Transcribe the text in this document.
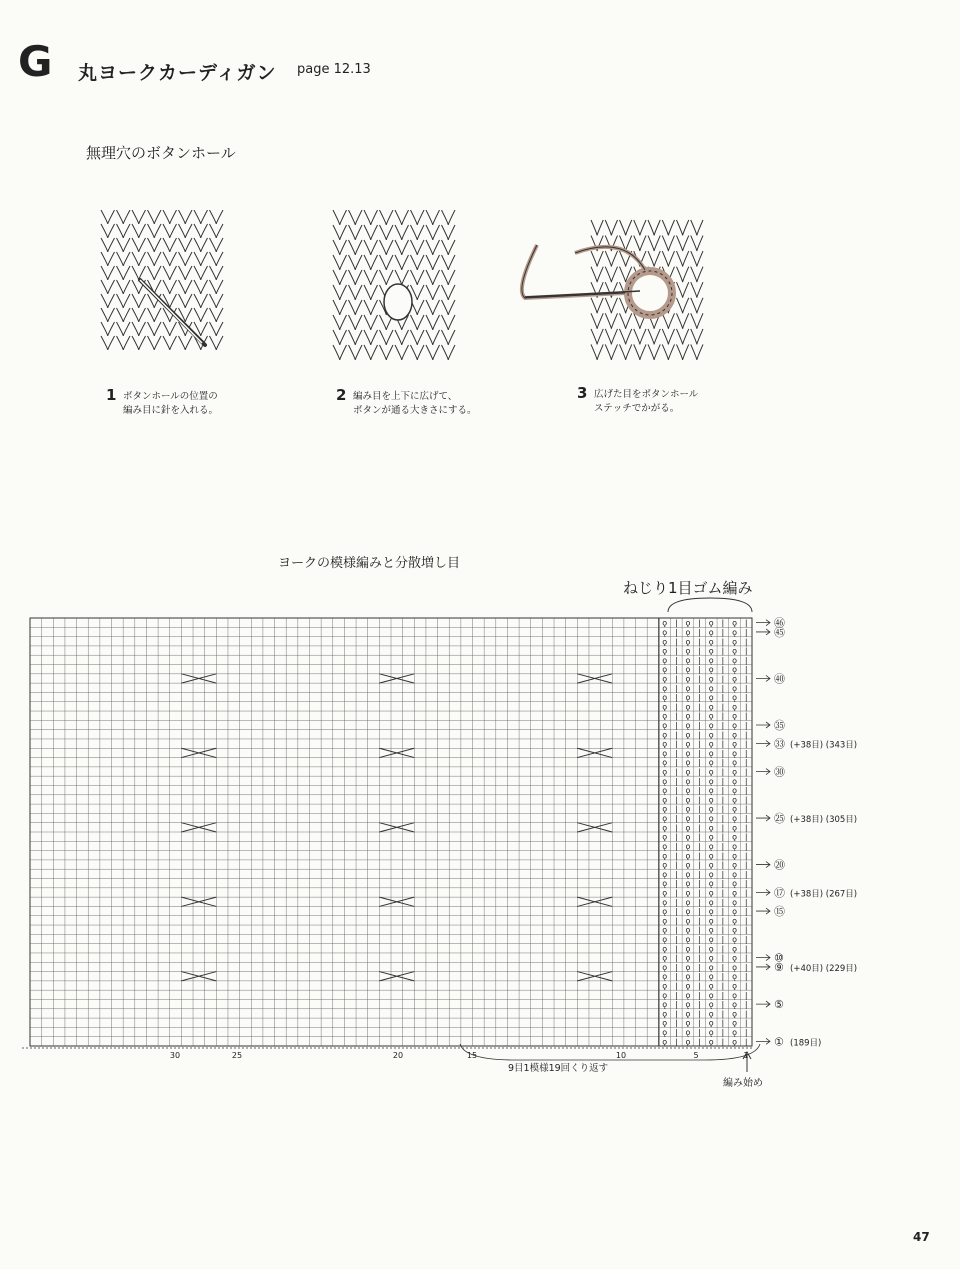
G 丸ヨークカーディガン page 12.13
無理穴のボタンホール
1 ボタンホールの位置の
編み目に針を入れる。
2 編み目を上下に広げて、
ボタンが通る大きさにする。
3 広げた目をボタンホール
ステッチでかがる。
ヨークの模様編みと分散増し目
ねじり1目ゴム編み
ǫ
ǫ
ǫ
ǫ
ǫ
ǫ
ǫ
ǫ
ǫ
ǫ
ǫ
ǫ
ǫ
ǫ
ǫ
ǫ
ǫ
ǫ
ǫ
ǫ
ǫ
ǫ
ǫ
ǫ
ǫ
ǫ
ǫ
ǫ
ǫ
ǫ
ǫ
ǫ
ǫ
ǫ
ǫ
ǫ
ǫ
ǫ
ǫ
ǫ
ǫ
ǫ
ǫ
ǫ
ǫ
ǫ
|
|
|
|
|
|
|
|
|
|
|
|
|
|
|
|
|
|
|
|
|
|
|
|
|
|
|
|
|
|
|
|
|
|
|
|
|
|
|
|
|
|
|
|
|
|
ǫ
ǫ
ǫ
ǫ
ǫ
ǫ
ǫ
ǫ
ǫ
ǫ
ǫ
ǫ
ǫ
ǫ
ǫ
ǫ
ǫ
ǫ
ǫ
ǫ
ǫ
ǫ
ǫ
ǫ
ǫ
ǫ
ǫ
ǫ
ǫ
ǫ
ǫ
ǫ
ǫ
ǫ
ǫ
ǫ
ǫ
ǫ
ǫ
ǫ
ǫ
ǫ
ǫ
ǫ
ǫ
ǫ
|
|
|
|
|
|
|
|
|
|
|
|
|
|
|
|
|
|
|
|
|
|
|
|
|
|
|
|
|
|
|
|
|
|
|
|
|
|
|
|
|
|
|
|
|
|
ǫ
ǫ
ǫ
ǫ
ǫ
ǫ
ǫ
ǫ
ǫ
ǫ
ǫ
ǫ
ǫ
ǫ
ǫ
ǫ
ǫ
ǫ
ǫ
ǫ
ǫ
ǫ
ǫ
ǫ
ǫ
ǫ
ǫ
ǫ
ǫ
ǫ
ǫ
ǫ
ǫ
ǫ
ǫ
ǫ
ǫ
ǫ
ǫ
ǫ
ǫ
ǫ
ǫ
ǫ
ǫ
ǫ
|
|
|
|
|
|
|
|
|
|
|
|
|
|
|
|
|
|
|
|
|
|
|
|
|
|
|
|
|
|
|
|
|
|
|
|
|
|
|
|
|
|
|
|
|
|
ǫ
ǫ
ǫ
ǫ
ǫ
ǫ
ǫ
ǫ
ǫ
ǫ
ǫ
ǫ
ǫ
ǫ
ǫ
ǫ
ǫ
ǫ
ǫ
ǫ
ǫ
ǫ
ǫ
ǫ
ǫ
ǫ
ǫ
ǫ
ǫ
ǫ
ǫ
ǫ
ǫ
ǫ
ǫ
ǫ
ǫ
ǫ
ǫ
ǫ
ǫ
ǫ
ǫ
ǫ
ǫ
ǫ
|
|
|
|
|
|
|
|
|
|
|
|
|
|
|
|
|
|
|
|
|
|
|
|
|
|
|
|
|
|
|
|
|
|
|
|
|
|
|
|
|
|
|
|
|
|
㊻
㊺
㊵
㉟
㉝ (+38目) (343目)
㉚
㉕ (+38目) (305目)
⑳
⑰ (+38目) (267目)
⑮
⑩
⑨ (+40目) (229目)
⑤
① (189目)
30	25	20	15	10	5	1
9目1模様19回くり返す
編み始め
47
